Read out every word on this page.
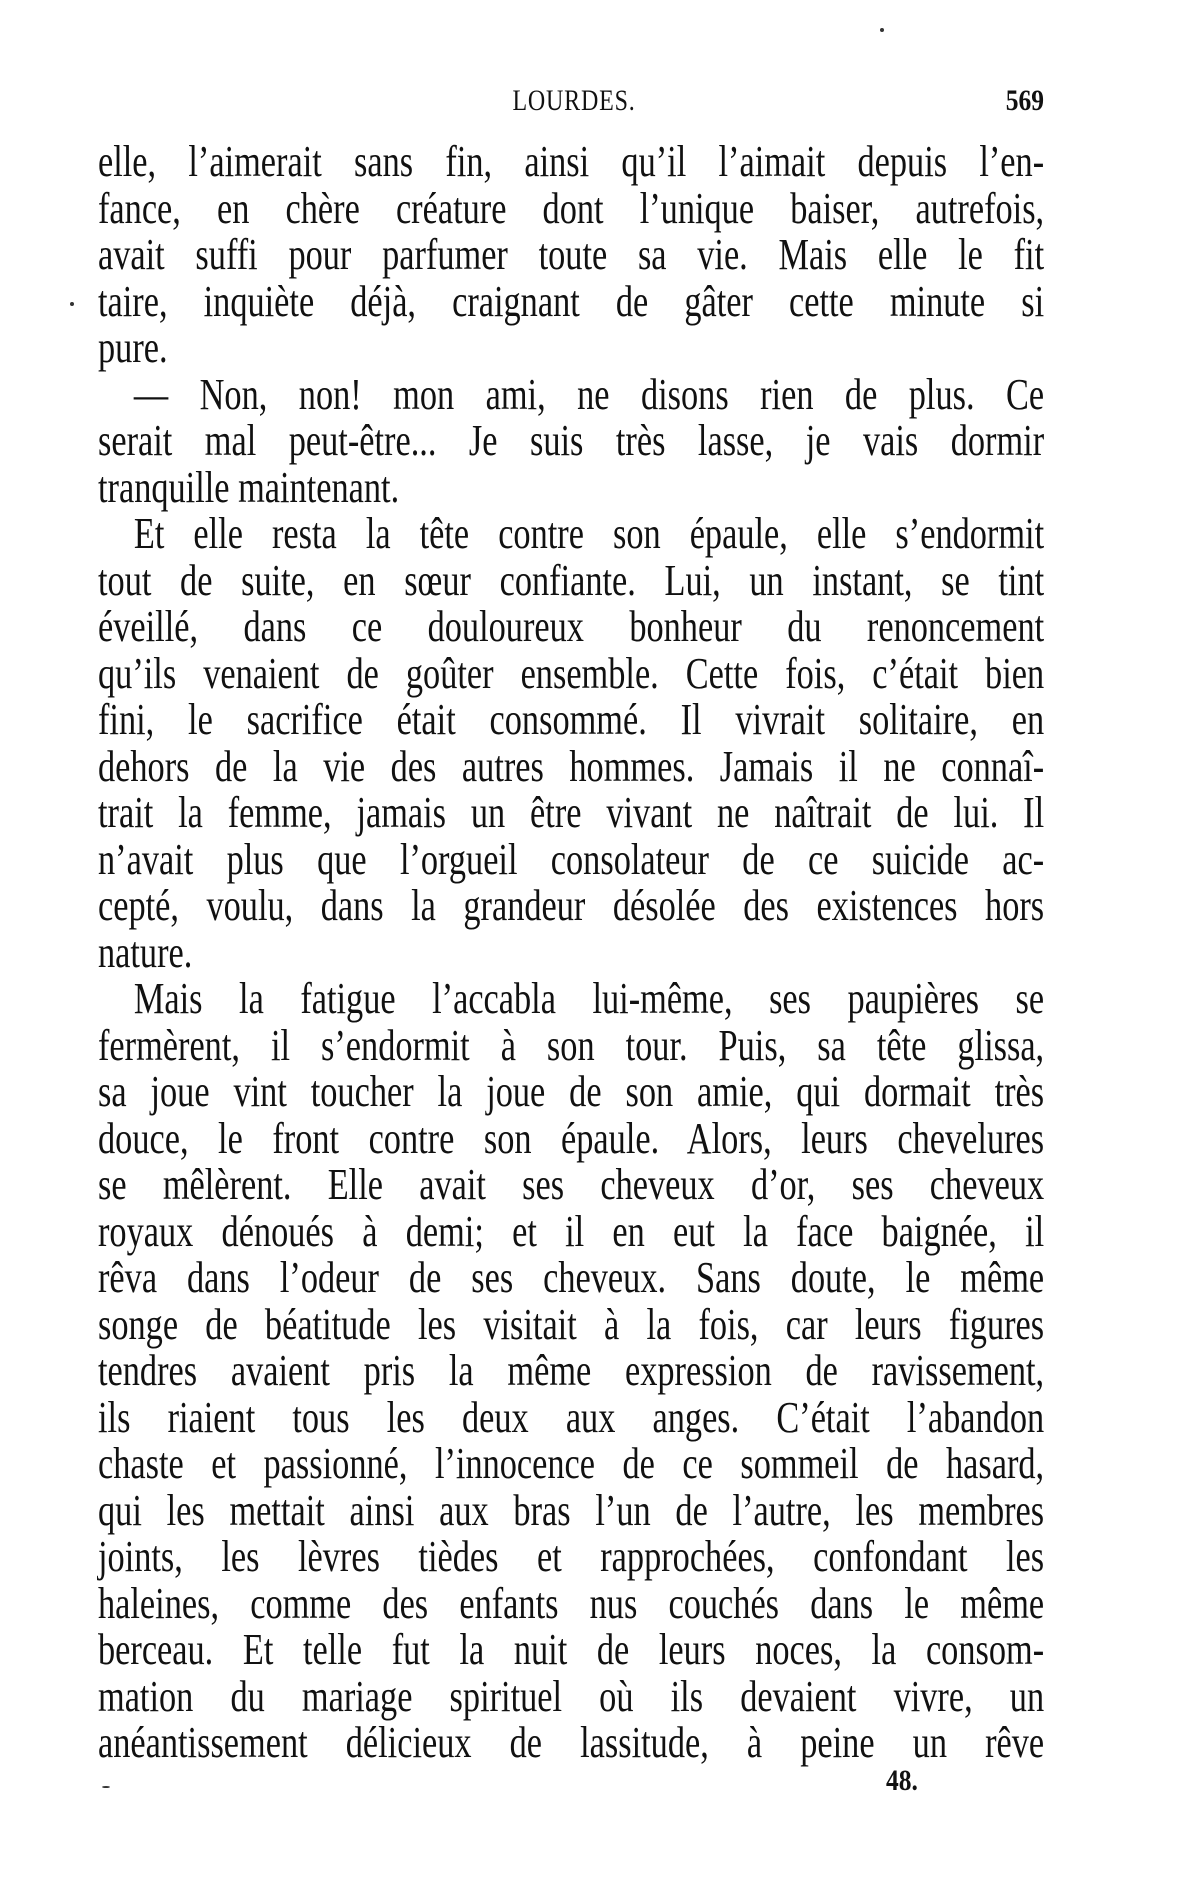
LOURDES.	569
elle, l’aimerait sans fin, ainsi qu’il l’aimait depuis l’en-
fance, en chère créature dont l’unique baiser, autrefois,
avait suffi pour parfumer toute sa vie. Mais elle le fit
taire, inquiète déjà, craignant de gâter cette minute si
pure.
— Non, non! mon ami, ne disons rien de plus. Ce
serait mal peut-être... Je suis très lasse, je vais dormir
tranquille maintenant.
Et elle resta la tête contre son épaule, elle s’endormit
tout de suite, en sœur confiante. Lui, un instant, se tint
éveillé, dans ce douloureux bonheur du renoncement
qu’ils venaient de goûter ensemble. Cette fois, c’était bien
fini, le sacrifice était consommé. Il vivrait solitaire, en
dehors de la vie des autres hommes. Jamais il ne connaî-
trait la femme, jamais un être vivant ne naîtrait de lui. Il
n’avait plus que l’orgueil consolateur de ce suicide ac-
cepté, voulu, dans la grandeur désolée des existences hors
nature.
Mais la fatigue l’accabla lui-même, ses paupières se
fermèrent, il s’endormit à son tour. Puis, sa tête glissa,
sa joue vint toucher la joue de son amie, qui dormait très
douce, le front contre son épaule. Alors, leurs chevelures
se mêlèrent. Elle avait ses cheveux d’or, ses cheveux
royaux dénoués à demi; et il en eut la face baignée, il
rêva dans l’odeur de ses cheveux. Sans doute, le même
songe de béatitude les visitait à la fois, car leurs figures
tendres avaient pris la même expression de ravissement,
ils riaient tous les deux aux anges. C’était l’abandon
chaste et passionné, l’innocence de ce sommeil de hasard,
qui les mettait ainsi aux bras l’un de l’autre, les membres
joints, les lèvres tièdes et rapprochées, confondant les
haleines, comme des enfants nus couchés dans le même
berceau. Et telle fut la nuit de leurs noces, la consom-
mation du mariage spirituel où ils devaient vivre, un
anéantissement délicieux de lassitude, à peine un rêve
48.
